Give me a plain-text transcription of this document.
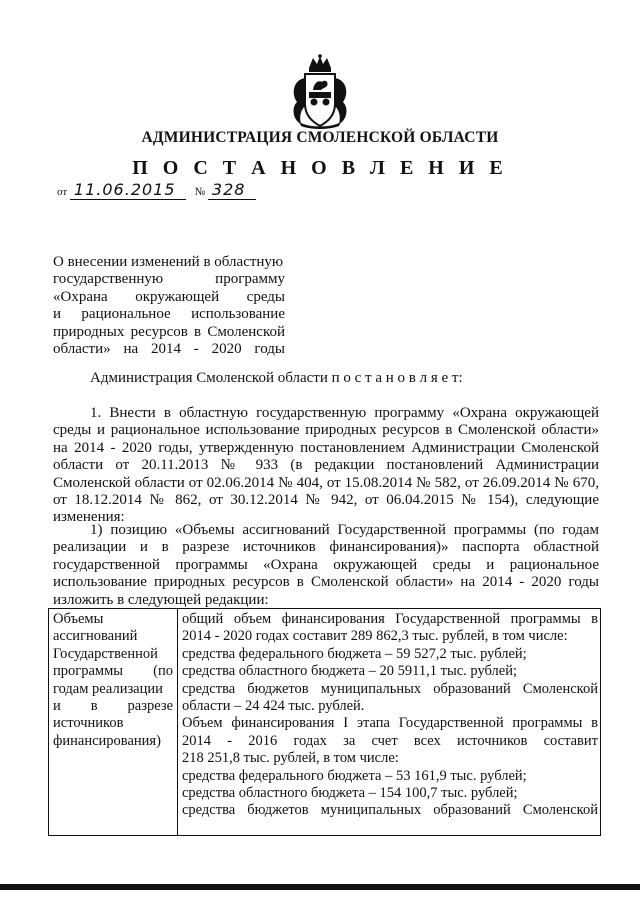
АДМИНИСТРАЦИЯ СМОЛЕНСКОЙ ОБЛАСТИ
П О С Т А Н О В Л Е Н И Е
от 11.06.2015 № 328
О внесении изменений в областную
государственную программу
«Охрана окружающей среды
и рациональное использование
природных ресурсов в Смоленской
области» на 2014 - 2020 годы
Администрация Смоленской области п о с т а н о в л я е т:
1. Внести в областную государственную программу «Охрана окружающей
среды и рациональное использование природных ресурсов в Смоленской области»
на 2014 - 2020 годы, утвержденную постановлением Администрации Смоленской
области от 20.11.2013 № 933 (в редакции постановлений Администрации
Смоленской области от 02.06.2014 № 404, от 15.08.2014 № 582, от 26.09.2014 № 670,
от 18.12.2014 № 862, от 30.12.2014 № 942, от 06.04.2015 № 154), следующие
изменения:
1) позицию «Объемы ассигнований Государственной программы (по годам
реализации и в разрезе источников финансирования)» паспорта областной
государственной программы «Охрана окружающей среды и рациональное
использование природных ресурсов в Смоленской области» на 2014 - 2020 годы
изложить в следующей редакции:
Объемы
ассигнований
Государственной
программы (по
годам реализации
и в разрезе
источников
финансирования)
общий объем финансирования Государственной программы в
2014 - 2020 годах составит 289 862,3 тыс. рублей, в том числе:
средства федерального бюджета – 59 527,2 тыс. рублей;
средства областного бюджета – 20 5911,1 тыс. рублей;
средства бюджетов муниципальных образований Смоленской
области – 24 424 тыс. рублей.
Объем финансирования I этапа Государственной программы в
2014 - 2016 годах за счет всех источников составит
218 251,8 тыс. рублей, в том числе:
средства федерального бюджета – 53 161,9 тыс. рублей;
средства областного бюджета – 154 100,7 тыс. рублей;
средства бюджетов муниципальных образований Смоленской
